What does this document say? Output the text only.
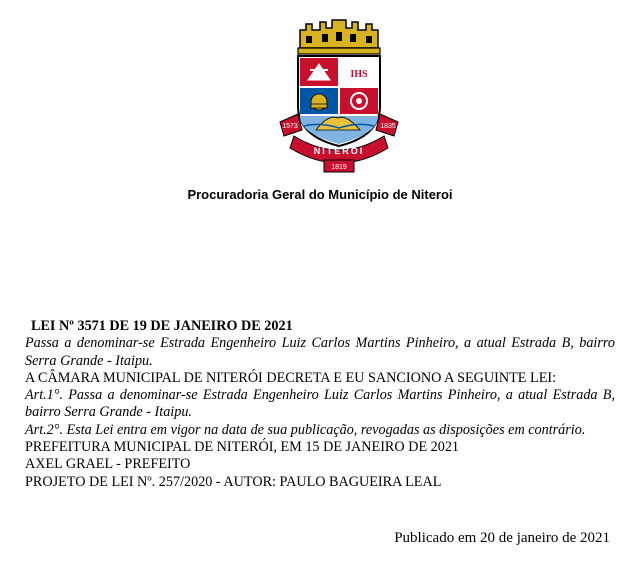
IHS
1573	1835
NITERÓI
1819
Procuradoria Geral do Município de Niteroi

LEI Nº 3571 DE 19 DE JANEIRO DE 2021

Passa a denominar-se Estrada Engenheiro Luiz Carlos Martins Pinheiro, a atual Estrada B, bairro Serra Grande - Itaipu.

A CÂMARA MUNICIPAL DE NITERÓI DECRETA E EU SANCIONO A SEGUINTE LEI:

Art.1°. Passa a denominar-se Estrada Engenheiro Luiz Carlos Martins Pinheiro, a atual Estrada B, bairro Serra Grande - Itaipu.

Art.2°. Esta Lei entra em vigor na data de sua publicação, revogadas as disposições em contrário.

PREFEITURA MUNICIPAL DE NITERÓI, EM 15 DE JANEIRO DE 2021

AXEL GRAEL - PREFEITO

PROJETO DE LEI Nº. 257/2020 - AUTOR: PAULO BAGUEIRA LEAL

Publicado em 20 de janeiro de 2021
